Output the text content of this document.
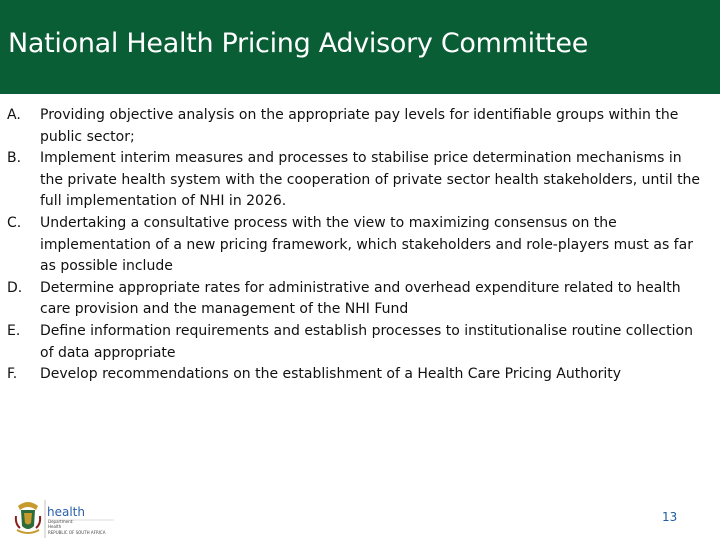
National Health Pricing Advisory Committee
A.	Providing objective analysis on the appropriate pay levels for identifiable groups within the public sector;
B.	Implement interim measures and processes to stabilise price determination mechanisms in the private health system with the cooperation of private sector health stakeholders, until the full implementation of NHI in 2026.
C.	Undertaking a consultative process with the view to maximizing consensus on the implementation of a new pricing framework, which stakeholders and role-players must as far as possible include
D.	Determine appropriate rates for administrative and overhead expenditure related to health care provision and the management of the NHI Fund
E.	Define information requirements and establish processes to institutionalise routine collection of data appropriate
F.	Develop recommendations on the establishment of a Health Care Pricing Authority
health
Department:
Health
REPUBLIC OF SOUTH AFRICA
13
